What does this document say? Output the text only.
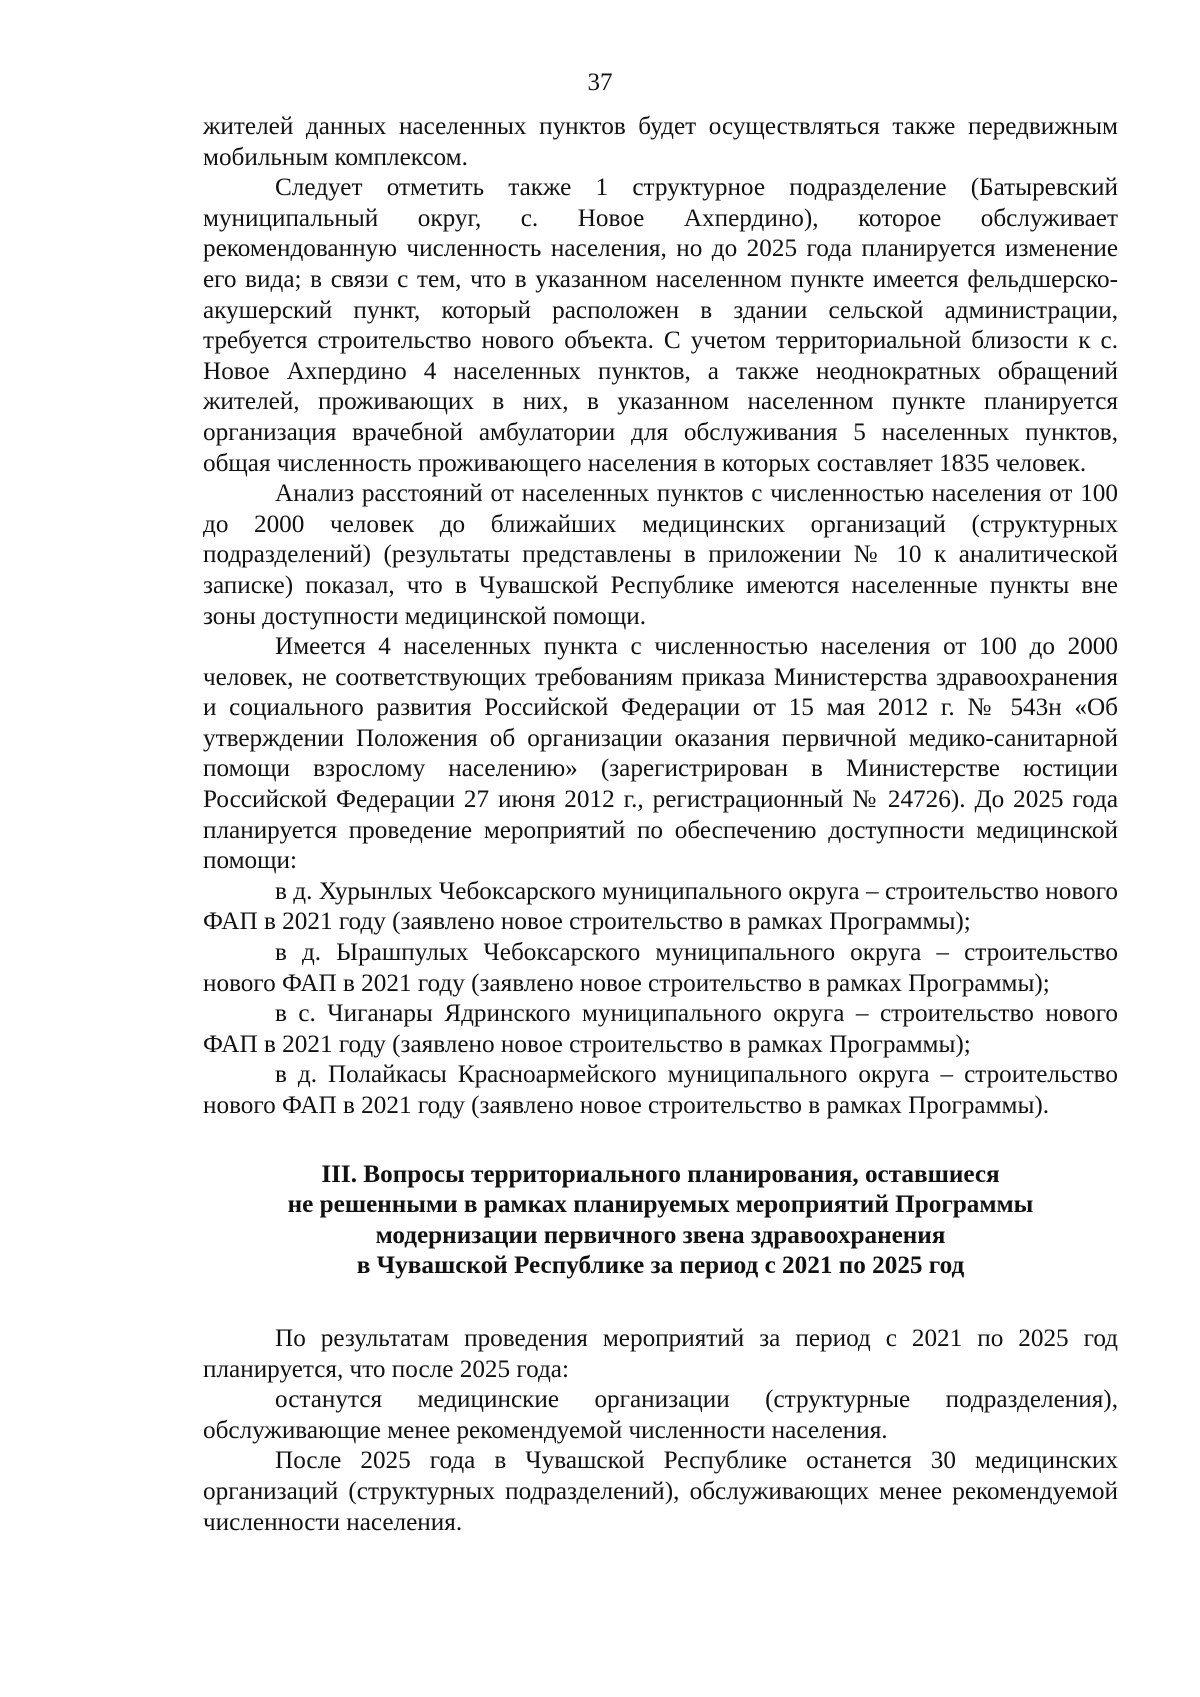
37

жителей данных населенных пунктов будет осуществляться также передвижным мобильным комплексом.

Следует отметить также 1 структурное подразделение (Батыревский муниципальный округ, с. Новое Ахпердино), которое обслуживает рекомендованную численность населения, но до 2025 года планируется изменение его вида; в связи с тем, что в указанном населенном пункте имеется фельдшерско-акушерский пункт, который расположен в здании сельской администрации, требуется строительство нового объекта. С учетом территориальной близости к с. Новое Ахпердино 4 населенных пунктов, а также неоднократных обращений жителей, проживающих в них, в указанном населенном пункте планируется организация врачебной амбулатории для обслуживания 5 населенных пунктов, общая численность проживающего населения в которых составляет 1835 человек.

Анализ расстояний от населенных пунктов с численностью населения от 100 до 2000 человек до ближайших медицинских организаций (структурных подразделений) (результаты представлены в приложении № 10 к аналитической записке) показал, что в Чувашской Республике имеются населенные пункты вне зоны доступности медицинской помощи.

Имеется 4 населенных пункта с численностью населения от 100 до 2000 человек, не соответствующих требованиям приказа Министерства здравоохранения и социального развития Российской Федерации от 15 мая 2012 г. № 543н «Об утверждении Положения об организации оказания первичной медико-санитарной помощи взрослому населению» (зарегистрирован в Министерстве юстиции Российской Федерации 27 июня 2012 г., регистрационный № 24726). До 2025 года планируется проведение мероприятий по обеспечению доступности медицинской помощи:

в д. Хурынлых Чебоксарского муниципального округа – строительство нового ФАП в 2021 году (заявлено новое строительство в рамках Программы);

в д. Ырашпулых Чебоксарского муниципального округа – строительство нового ФАП в 2021 году (заявлено новое строительство в рамках Программы);

в с. Чиганары Ядринского муниципального округа – строительство нового ФАП в 2021 году (заявлено новое строительство в рамках Программы);

в д. Полайкасы Красноармейского муниципального округа – строительство нового ФАП в 2021 году (заявлено новое строительство в рамках Программы).

III. Вопросы территориального планирования, оставшиеся
не решенными в рамках планируемых мероприятий Программы
модернизации первичного звена здравоохранения
в Чувашской Республике за период с 2021 по 2025 год

По результатам проведения мероприятий за период с 2021 по 2025 год планируется, что после 2025 года:

останутся медицинские организации (структурные подразделения), обслуживающие менее рекомендуемой численности населения.

После 2025 года в Чувашской Республике останется 30 медицинских организаций (структурных подразделений), обслуживающих менее рекомендуемой численности населения.
